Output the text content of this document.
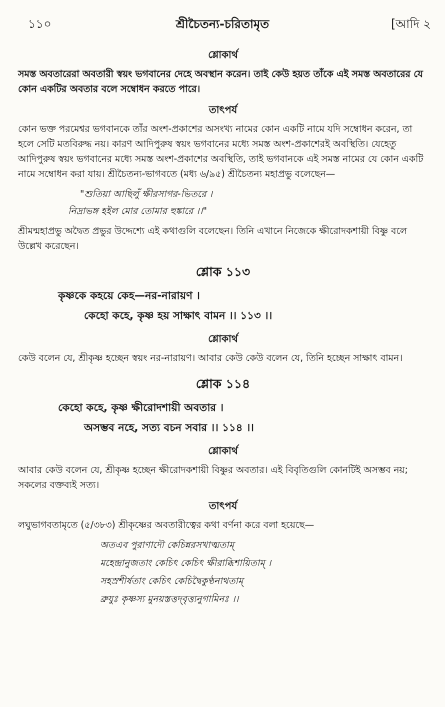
১১০	শ্রীচৈতন্য-চরিতামৃত	[আদি ২
শ্লোকার্থ

সমস্ত অবতারেরা অবতারী স্বয়ং ভগবানের দেহে অবস্থান করেন। তাই কেউ হয়ত তাঁকে এই সমস্ত অবতারের যে কোন একটির অবতার বলে সম্বোধন করতে পারে।

তাৎপর্য

কোন ভক্ত পরমেশ্বর ভগবানকে তাঁর অংশ-প্রকাশের অসংখ্য নামের কোন একটি নামে যদি সম্বোধন করেন, তা হলে সেটি মতবিরুদ্ধ নয়। কারণ আদিপুরুষ স্বয়ং ভগবানের মধ্যে সমস্ত অংশ-প্রকাশেরই অবস্থিতি। যেহেতু আদিপুরুষ স্বয়ং ভগবানের মধ্যে সমস্ত অংশ-প্রকাশের অবস্থিতি, তাই ভগবানকে এই সমস্ত নামের যে কোন একটি নামে সম্বোধন করা যায়। শ্রীচৈতন্য-ভাগবতে (মধ্য ৬/৯৫) শ্রীচৈতন্য মহাপ্রভু বলেছেন—

"শুতিয়া আছিলুঁ ক্ষীরসাগর-ভিতরে ।
নিদ্রাভঙ্গ হইল মোর তোমার হুঙ্কারে ।।"

শ্রীমন্মহাপ্রভু অদ্বৈত প্রভুর উদ্দেশ্যে এই কথাগুলি বলেছেন। তিনি এখানে নিজেকে ক্ষীরোদকশায়ী বিষ্ণু বলে উল্লেখ করেছেন।

শ্লোক ১১৩
কৃষ্ণকে কহয়ে কেহ—নর-নারায়ণ ।
কেহো কহে, কৃষ্ণ হয় সাক্ষাৎ বামন ।। ১১৩ ।।
শ্লোকার্থ

কেউ বলেন যে, শ্রীকৃষ্ণ হচ্ছেন স্বয়ং নর-নারায়ণ। আবার কেউ কেউ বলেন যে, তিনি হচ্ছেন সাক্ষাৎ বামন।

শ্লোক ১১৪
কেহো কহে, কৃষ্ণ ক্ষীরোদশায়ী অবতার ।
অসম্ভব নহে, সত্য বচন সবার ।। ১১৪ ।।
শ্লোকার্থ

আবার কেউ বলেন যে, শ্রীকৃষ্ণ হচ্ছেন ক্ষীরোদকশায়ী বিষ্ণুর অবতার। এই বিবৃতিগুলি কোনটিই অসম্ভব নয়; সকলের বক্তব্যই সত্য।

তাৎপর্য

লঘুভাগবতামৃতে (৫/৩৮৩) শ্রীকৃষ্ণের অবতারীত্বের কথা বর্ণনা করে বলা হয়েছে—

অতএব পুরাণাদৌ কেচিন্নরসখাত্মতাম্‌
মহেন্দ্রানুজতাং কেচিৎ কেচিৎ ক্ষীরাব্ধিশায়িতাম্‌ ।
সহস্রশীর্ষতাং কেচিৎ কেচিদ্বৈকুণ্ঠনাথতাম্‌
ব্রুযুঃ কৃষ্ণস্য মুনয়স্তত্তদ্‌বৃত্ত্যনুগামিনঃ ।।
